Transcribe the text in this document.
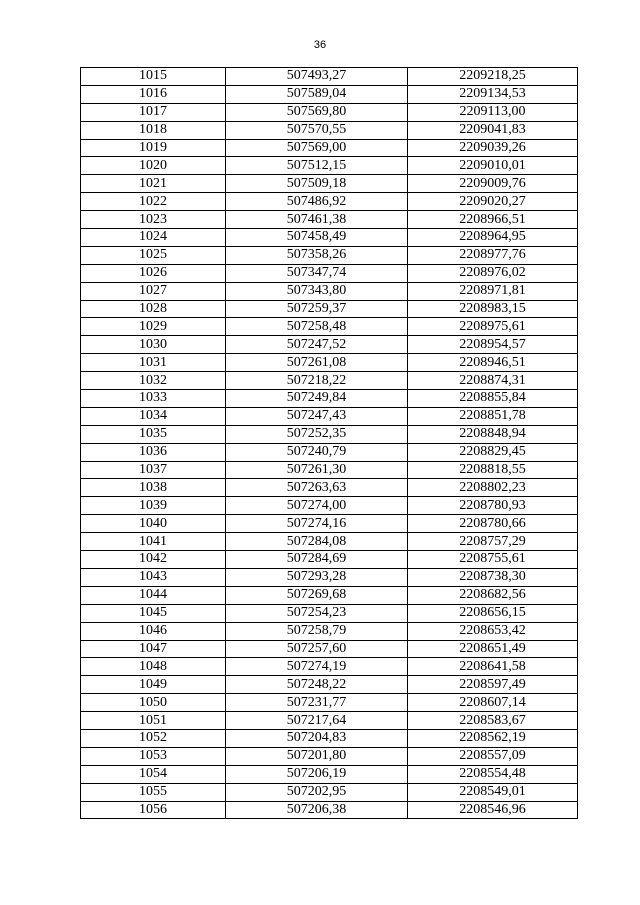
36
1015	507493,27	2209218,25
1016	507589,04	2209134,53
1017	507569,80	2209113,00
1018	507570,55	2209041,83
1019	507569,00	2209039,26
1020	507512,15	2209010,01
1021	507509,18	2209009,76
1022	507486,92	2209020,27
1023	507461,38	2208966,51
1024	507458,49	2208964,95
1025	507358,26	2208977,76
1026	507347,74	2208976,02
1027	507343,80	2208971,81
1028	507259,37	2208983,15
1029	507258,48	2208975,61
1030	507247,52	2208954,57
1031	507261,08	2208946,51
1032	507218,22	2208874,31
1033	507249,84	2208855,84
1034	507247,43	2208851,78
1035	507252,35	2208848,94
1036	507240,79	2208829,45
1037	507261,30	2208818,55
1038	507263,63	2208802,23
1039	507274,00	2208780,93
1040	507274,16	2208780,66
1041	507284,08	2208757,29
1042	507284,69	2208755,61
1043	507293,28	2208738,30
1044	507269,68	2208682,56
1045	507254,23	2208656,15
1046	507258,79	2208653,42
1047	507257,60	2208651,49
1048	507274,19	2208641,58
1049	507248,22	2208597,49
1050	507231,77	2208607,14
1051	507217,64	2208583,67
1052	507204,83	2208562,19
1053	507201,80	2208557,09
1054	507206,19	2208554,48
1055	507202,95	2208549,01
1056	507206,38	2208546,96
